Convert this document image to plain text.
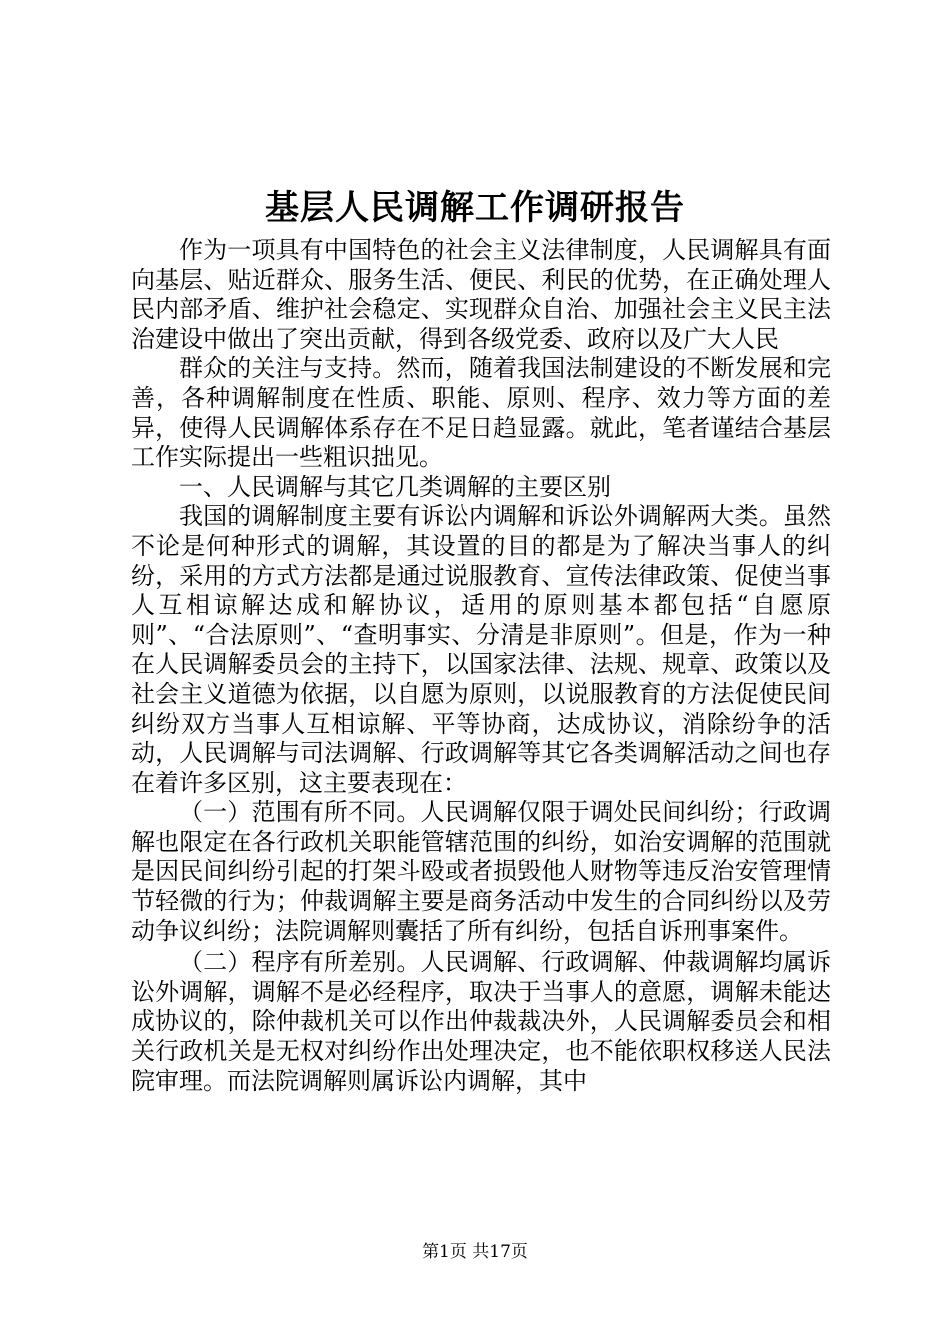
基层人民调解工作调研报告

作为一项具有中国特色的社会主义法律制度，人民调解具有面向基层、贴近群众、服务生活、便民、利民的优势，在正确处理人民内部矛盾、维护社会稳定、实现群众自治、加强社会主义民主法治建设中做出了突出贡献，得到各级党委、政府以及广大人民

群众的关注与支持。然而，随着我国法制建设的不断发展和完善，各种调解制度在性质、职能、原则、程序、效力等方面的差异，使得人民调解体系存在不足日趋显露。就此，笔者谨结合基层工作实际提出一些粗识拙见。

一、人民调解与其它几类调解的主要区别

我国的调解制度主要有诉讼内调解和诉讼外调解两大类。虽然不论是何种形式的调解，其设置的目的都是为了解决当事人的纠纷，采用的方式方法都是通过说服教育、宣传法律政策、促使当事人互相谅解达成和解协议，适用的原则基本都包括“自愿原则”、“合法原则”、“查明事实、分清是非原则”。但是，作为一种在人民调解委员会的主持下，以国家法律、法规、规章、政策以及社会主义道德为依据，以自愿为原则，以说服教育的方法促使民间纠纷双方当事人互相谅解、平等协商，达成协议，消除纷争的活动，人民调解与司法调解、行政调解等其它各类调解活动之间也存在着许多区别，这主要表现在：

（一）范围有所不同。人民调解仅限于调处民间纠纷；行政调解也限定在各行政机关职能管辖范围的纠纷，如治安调解的范围就是因民间纠纷引起的打架斗殴或者损毁他人财物等违反治安管理情节轻微的行为；仲裁调解主要是商务活动中发生的合同纠纷以及劳动争议纠纷；法院调解则囊括了所有纠纷，包括自诉刑事案件。

（二）程序有所差别。人民调解、行政调解、仲裁调解均属诉讼外调解，调解不是必经程序，取决于当事人的意愿，调解未能达成协议的，除仲裁机关可以作出仲裁裁决外，人民调解委员会和相关行政机关是无权对纠纷作出处理决定，也不能依职权移送人民法院审理。而法院调解则属诉讼内调解，其中

第1页 共17页
